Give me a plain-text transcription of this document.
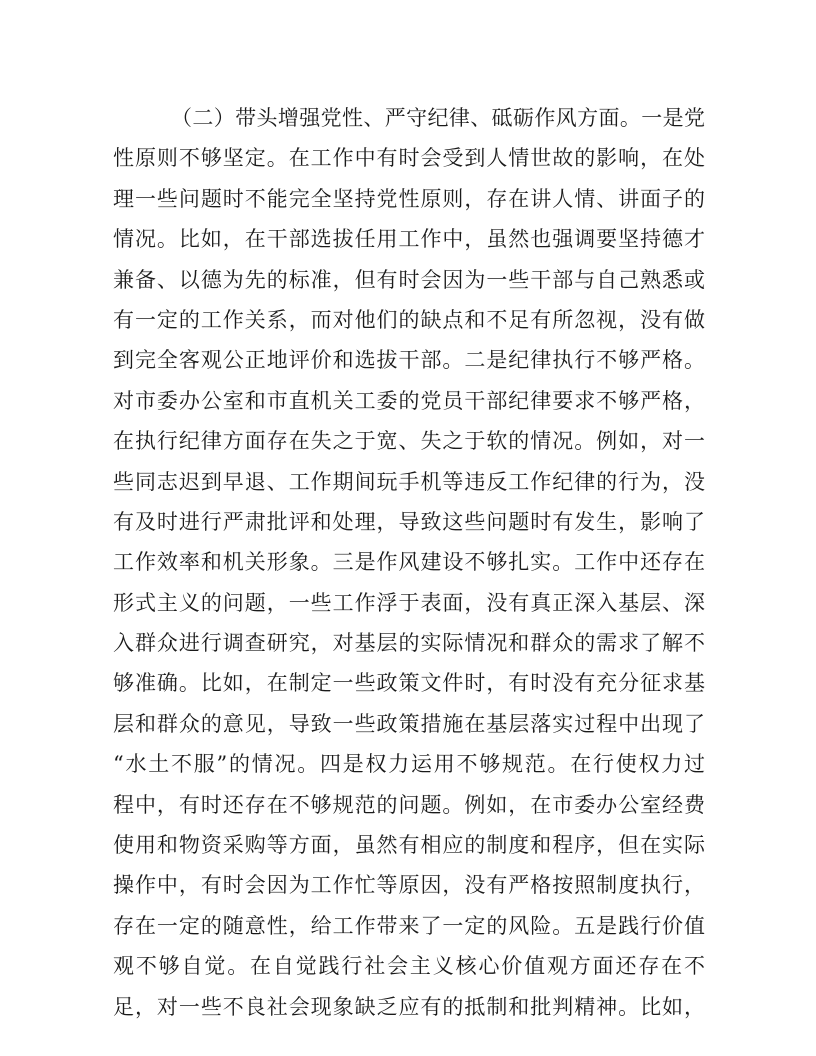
（二）带头增强党性、严守纪律、砥砺作风方面。一是党
性原则不够坚定。在工作中有时会受到人情世故的影响，在处
理一些问题时不能完全坚持党性原则，存在讲人情、讲面子的
情况。比如，在干部选拔任用工作中，虽然也强调要坚持德才
兼备、以德为先的标准，但有时会因为一些干部与自己熟悉或
有一定的工作关系，而对他们的缺点和不足有所忽视，没有做
到完全客观公正地评价和选拔干部。二是纪律执行不够严格。
对市委办公室和市直机关工委的党员干部纪律要求不够严格，
在执行纪律方面存在失之于宽、失之于软的情况。例如，对一
些同志迟到早退、工作期间玩手机等违反工作纪律的行为，没
有及时进行严肃批评和处理，导致这些问题时有发生，影响了
工作效率和机关形象。三是作风建设不够扎实。工作中还存在
形式主义的问题，一些工作浮于表面，没有真正深入基层、深
入群众进行调查研究，对基层的实际情况和群众的需求了解不
够准确。比如，在制定一些政策文件时，有时没有充分征求基
层和群众的意见，导致一些政策措施在基层落实过程中出现了
“水土不服”的情况。四是权力运用不够规范。在行使权力过
程中，有时还存在不够规范的问题。例如，在市委办公室经费
使用和物资采购等方面，虽然有相应的制度和程序，但在实际
操作中，有时会因为工作忙等原因，没有严格按照制度执行，
存在一定的随意性，给工作带来了一定的风险。五是践行价值
观不够自觉。在自觉践行社会主义核心价值观方面还存在不
足，对一些不良社会现象缺乏应有的抵制和批判精神。比如，
